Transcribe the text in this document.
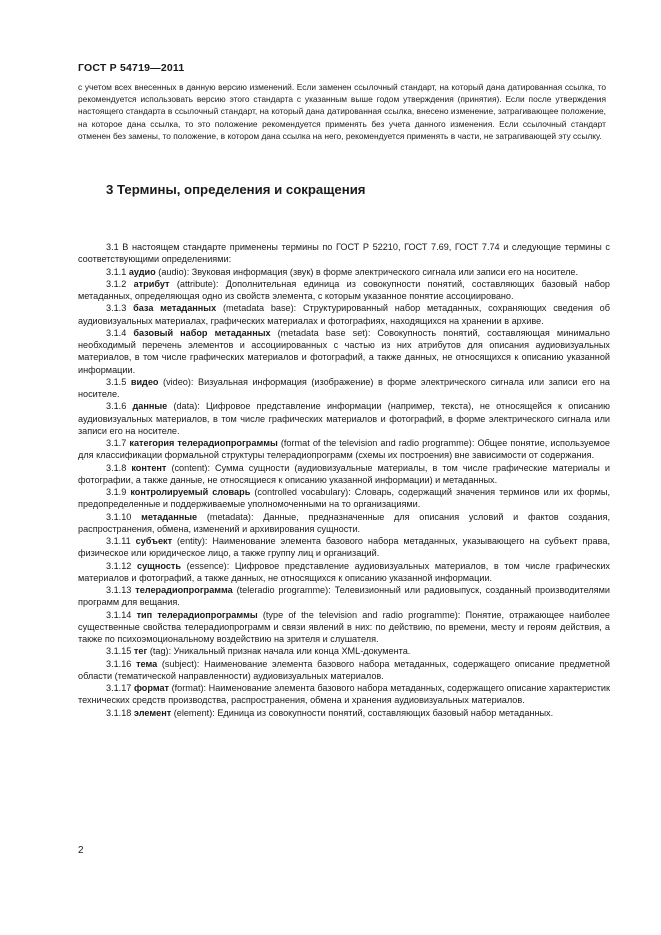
ГОСТ Р 54719—2011

с учетом всех внесенных в данную версию изменений. Если заменен ссылочный стандарт, на который дана датированная ссылка, то рекомендуется использовать версию этого стандарта с указанным выше годом утверждения (принятия). Если после утверждения настоящего стандарта в ссылочный стандарт, на который дана датированная ссылка, внесено изменение, затрагивающее положение, на которое дана ссылка, то это положение рекомендуется применять без учета данного изменения. Если ссылочный стандарт отменен без замены, то положение, в котором дана ссылка на него, рекомендуется применять в части, не затрагивающей эту ссылку.

3 Термины, определения и сокращения

3.1 В настоящем стандарте применены термины по ГОСТ Р 52210, ГОСТ 7.69, ГОСТ 7.74 и следующие термины с соответствующими определениями:

3.1.1 аудио (audio): Звуковая информация (звук) в форме электрического сигнала или записи его на носителе.

3.1.2 атрибут (attribute): Дополнительная единица из совокупности понятий, составляющих базовый набор метаданных, определяющая одно из свойств элемента, с которым указанное понятие ассоциировано.

3.1.3 база метаданных (metadata base): Структурированный набор метаданных, сохраняющих сведения об аудиовизуальных материалах, графических материалах и фотографиях, находящихся на хранении в архиве.

3.1.4 базовый набор метаданных (metadata base set): Совокупность понятий, составляющая минимально необходимый перечень элементов и ассоциированных с частью из них атрибутов для описания аудиовизуальных материалов, в том числе графических материалов и фотографий, а также данных, не относящихся к описанию указанной информации.

3.1.5 видео (video): Визуальная информация (изображение) в форме электрического сигнала или записи его на носителе.

3.1.6 данные (data): Цифровое представление информации (например, текста), не относящейся к описанию аудиовизуальных материалов, в том числе графических материалов и фотографий, в форме электрического сигнала или записи его на носителе.

3.1.7 категория телерадиопрограммы (format of the television and radio programme): Общее понятие, используемое для классификации формальной структуры телерадиопрограмм (схемы их построения) вне зависимости от содержания.

3.1.8 контент (content): Сумма сущности (аудиовизуальные материалы, в том числе графические материалы и фотографии, а также данные, не относящиеся к описанию указанной информации) и метаданных.

3.1.9 контролируемый словарь (controlled vocabulary): Словарь, содержащий значения терминов или их формы, предопределенные и поддерживаемые уполномоченными на то организациями.

3.1.10 метаданные (metadata): Данные, предназначенные для описания условий и фактов создания, распространения, обмена, изменений и архивирования сущности.

3.1.11 субъект (entity): Наименование элемента базового набора метаданных, указывающего на субъект права, физическое или юридическое лицо, а также группу лиц и организаций.

3.1.12 сущность (essence): Цифровое представление аудиовизуальных материалов, в том числе графических материалов и фотографий, а также данных, не относящихся к описанию указанной информации.

3.1.13 телерадиопрограмма (teleradio programme): Телевизионный или радиовыпуск, созданный производителями программ для вещания.

3.1.14 тип телерадиопрограммы (type of the television and radio programme): Понятие, отражающее наиболее существенные свойства телерадиопрограмм и связи явлений в них: по действию, по времени, месту и героям действия, а также по психоэмоциональному воздействию на зрителя и слушателя.

3.1.15 тег (tag): Уникальный признак начала или конца XML-документа.

3.1.16 тема (subject): Наименование элемента базового набора метаданных, содержащего описание предметной области (тематической направленности) аудиовизуальных материалов.

3.1.17 формат (format): Наименование элемента базового набора метаданных, содержащего описание характеристик технических средств производства, распространения, обмена и хранения аудиовизуальных материалов.

3.1.18 элемент (element): Единица из совокупности понятий, составляющих базовый набор метаданных.

2
